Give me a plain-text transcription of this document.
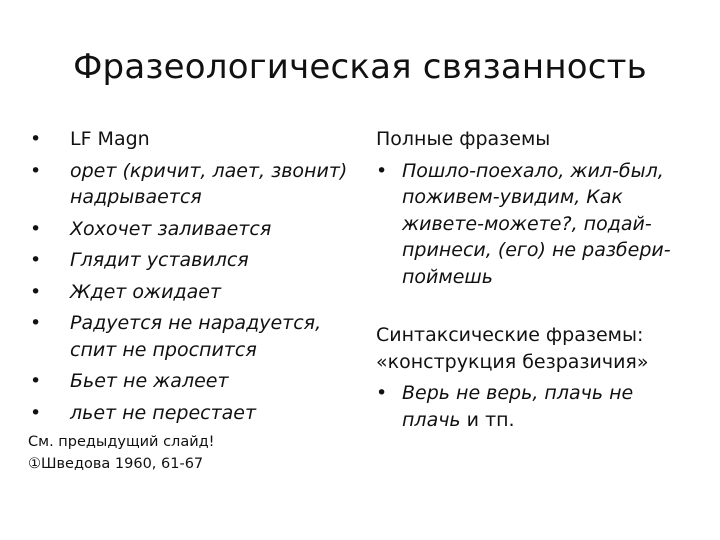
Фразеологическая связанность
•	LF Magn
•	орет (кричит, лает, звонит) надрывается
•	Хохочет заливается
•	Глядит уставился
•	Ждет ожидает
•	Радуется не нарадуется, спит не проспится
•	Бьет не жалеет
•	льет не перестает
См. предыдущий слайд!
①Шведова 1960, 61-67
Полные фраземы
• Пошло-поехало, жил-был, поживем-увидим, Как живете-можете?, подай-принеси, (его) не разбери-поймешь
Синтаксические фраземы:
«конструкция безразичия»
• Верь не верь, плачь не плачь и тп.
